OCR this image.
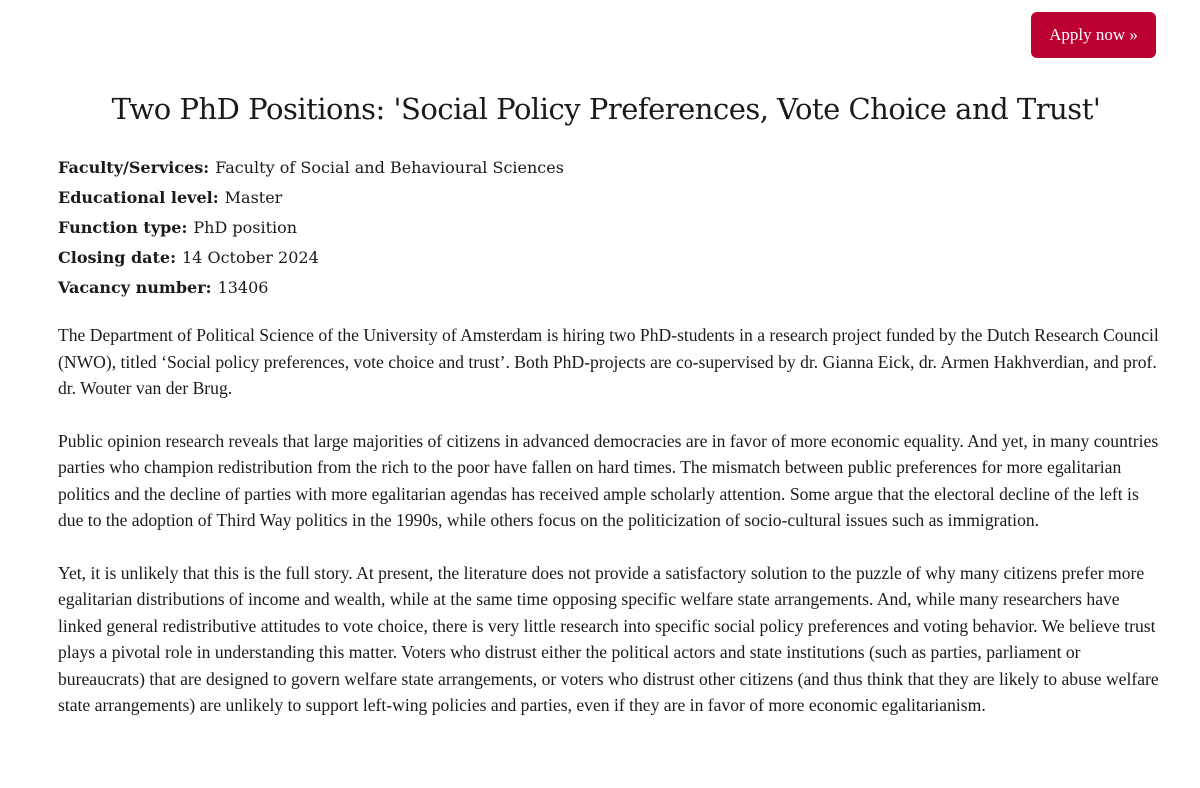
Apply now »
Two PhD Positions: 'Social Policy Preferences, Vote Choice and Trust'
Faculty/Services: Faculty of Social and Behavioural Sciences
Educational level: Master
Function type: PhD position
Closing date: 14 October 2024
Vacancy number: 13406

The Department of Political Science of the University of Amsterdam is hiring two PhD-students in a research project funded by the Dutch Research Council (NWO), titled ‘Social policy preferences, vote choice and trust’. Both PhD-projects are co-supervised by dr. Gianna Eick, dr. Armen Hakhverdian, and prof. dr. Wouter van der Brug.

Public opinion research reveals that large majorities of citizens in advanced democracies are in favor of more economic equality. And yet, in many countries parties who champion redistribution from the rich to the poor have fallen on hard times. The mismatch between public preferences for more egalitarian politics and the decline of parties with more egalitarian agendas has received ample scholarly attention. Some argue that the electoral decline of the left is due to the adoption of Third Way politics in the 1990s, while others focus on the politicization of socio-cultural issues such as immigration.

Yet, it is unlikely that this is the full story. At present, the literature does not provide a satisfactory solution to the puzzle of why many citizens prefer more egalitarian distributions of income and wealth, while at the same time opposing specific welfare state arrangements. And, while many researchers have linked general redistributive attitudes to vote choice, there is very little research into specific social policy preferences and voting behavior. We believe trust plays a pivotal role in understanding this matter. Voters who distrust either the political actors and state institutions (such as parties, parliament or bureaucrats) that are designed to govern welfare state arrangements, or voters who distrust other citizens (and thus think that they are likely to abuse welfare state arrangements) are unlikely to support left-wing policies and parties, even if they are in favor of more economic egalitarianism.
